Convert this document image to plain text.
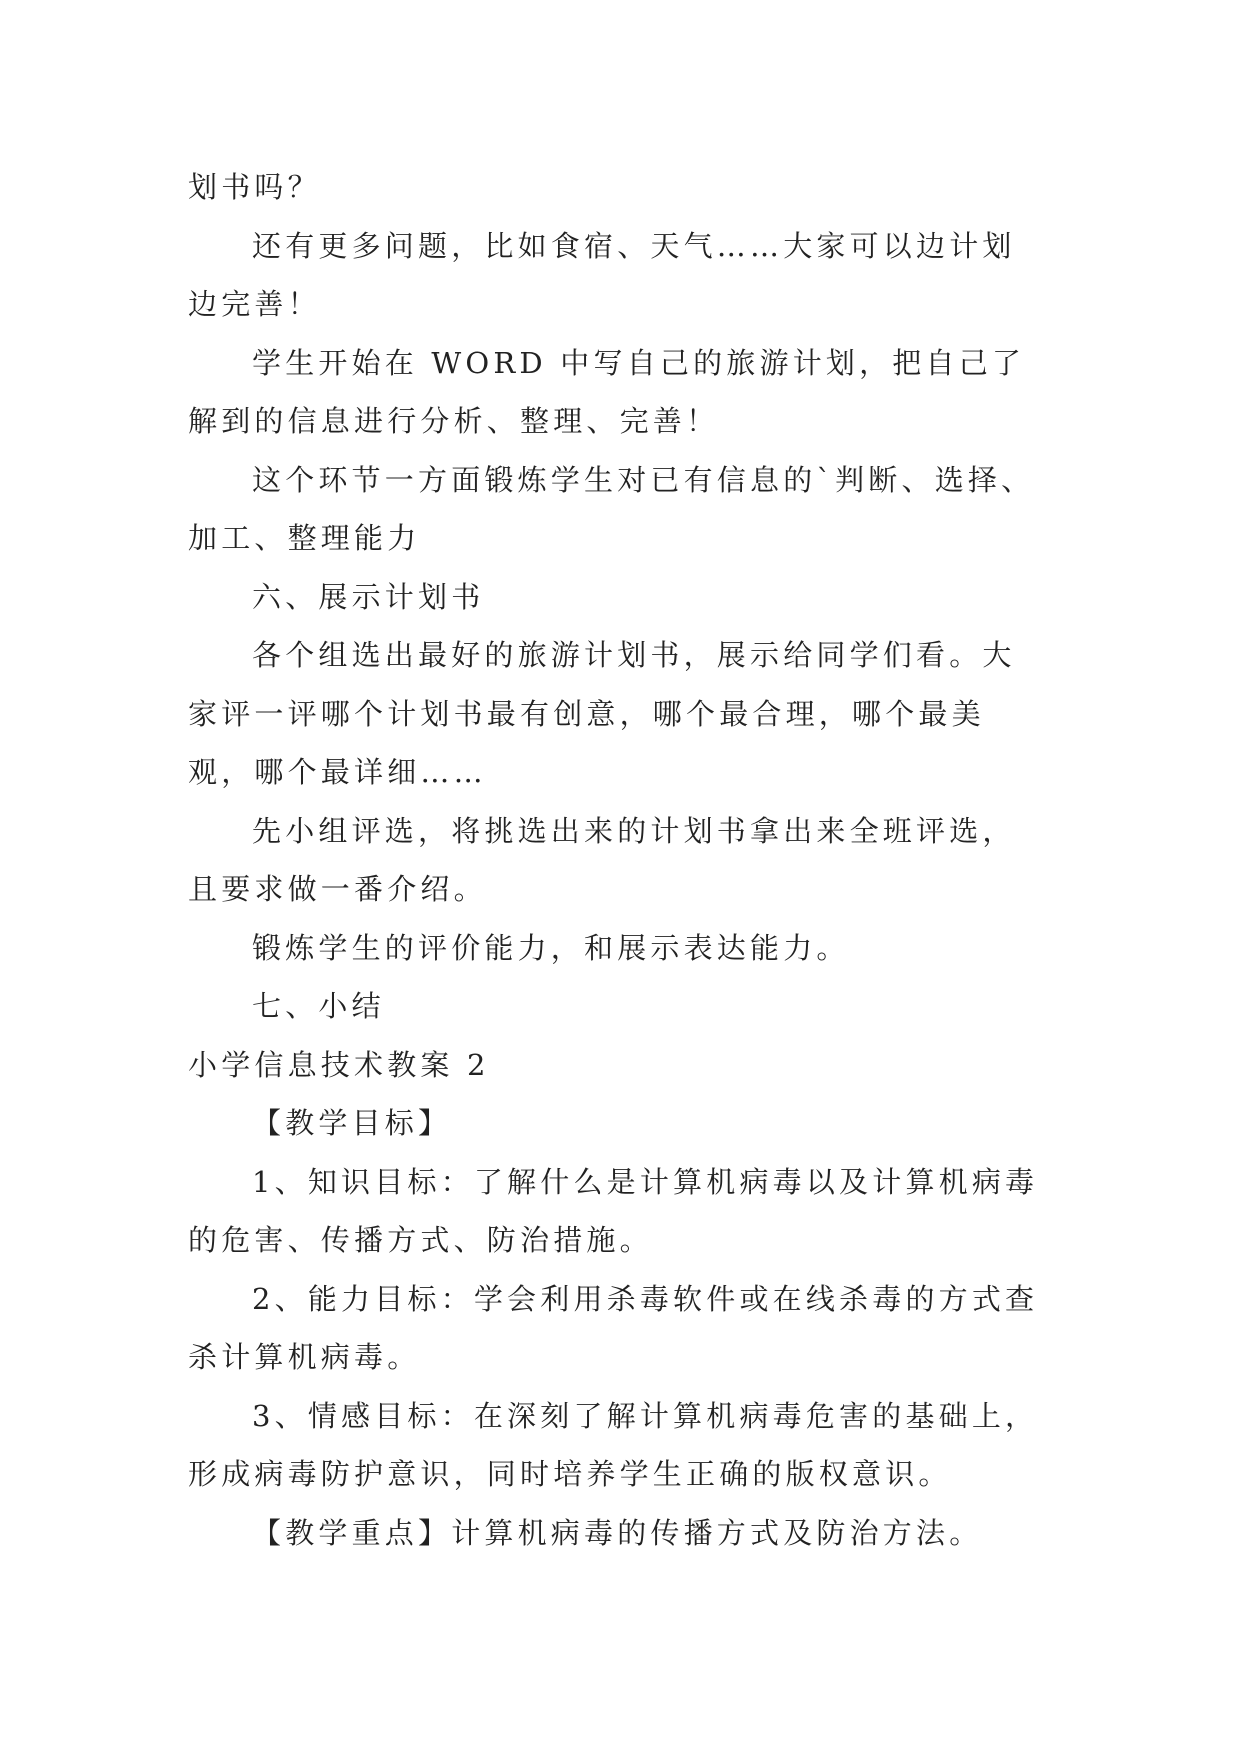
划书吗？

还有更多问题，比如食宿、天气……大家可以边计划边完善！

学生开始在 WORD 中写自己的旅游计划，把自己了解到的信息进行分析、整理、完善！

这个环节一方面锻炼学生对已有信息的`判断、选择、加工、整理能力

六、展示计划书

各个组选出最好的旅游计划书，展示给同学们看。大家评一评哪个计划书最有创意，哪个最合理，哪个最美观，哪个最详细……

先小组评选，将挑选出来的计划书拿出来全班评选，且要求做一番介绍。

锻炼学生的评价能力，和展示表达能力。

七、小结

小学信息技术教案 2

【教学目标】

1、知识目标：了解什么是计算机病毒以及计算机病毒的危害、传播方式、防治措施。

2、能力目标：学会利用杀毒软件或在线杀毒的方式查杀计算机病毒。

3、情感目标：在深刻了解计算机病毒危害的基础上，形成病毒防护意识，同时培养学生正确的版权意识。

【教学重点】计算机病毒的传播方式及防治方法。
